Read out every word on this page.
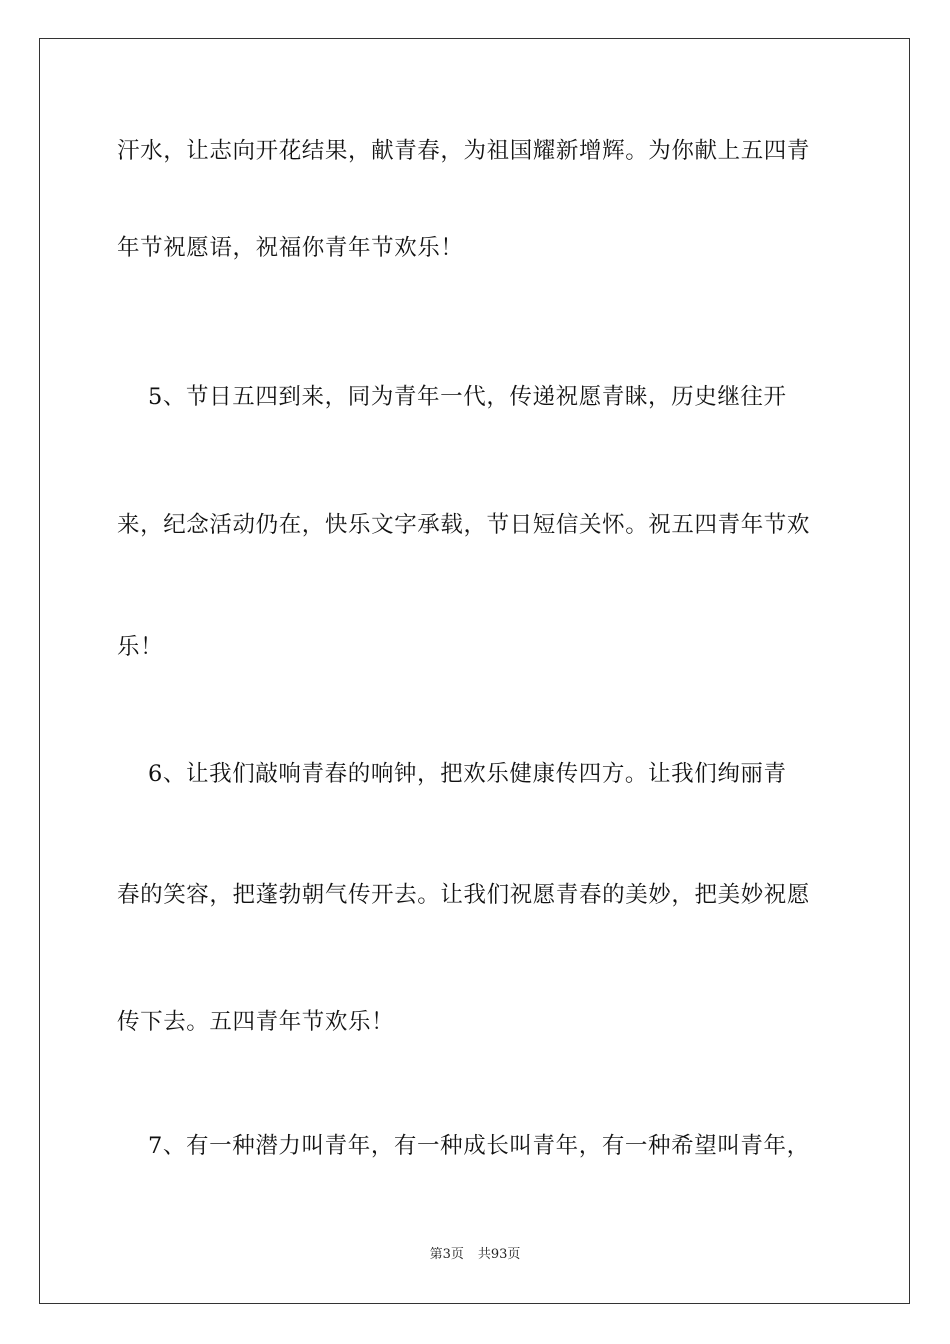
汗水，让志向开花结果，献青春，为祖国耀新增辉。为你献上五四青
年节祝愿语，祝福你青年节欢乐！
5、节日五四到来，同为青年一代，传递祝愿青睐，历史继往开
来，纪念活动仍在，快乐文字承载，节日短信关怀。祝五四青年节欢
乐！
6、让我们敲响青春的响钟，把欢乐健康传四方。让我们绚丽青
春的笑容，把蓬勃朝气传开去。让我们祝愿青春的美妙，把美妙祝愿
传下去。五四青年节欢乐！
7、有一种潜力叫青年，有一种成长叫青年，有一种希望叫青年，
第3页 共93页
